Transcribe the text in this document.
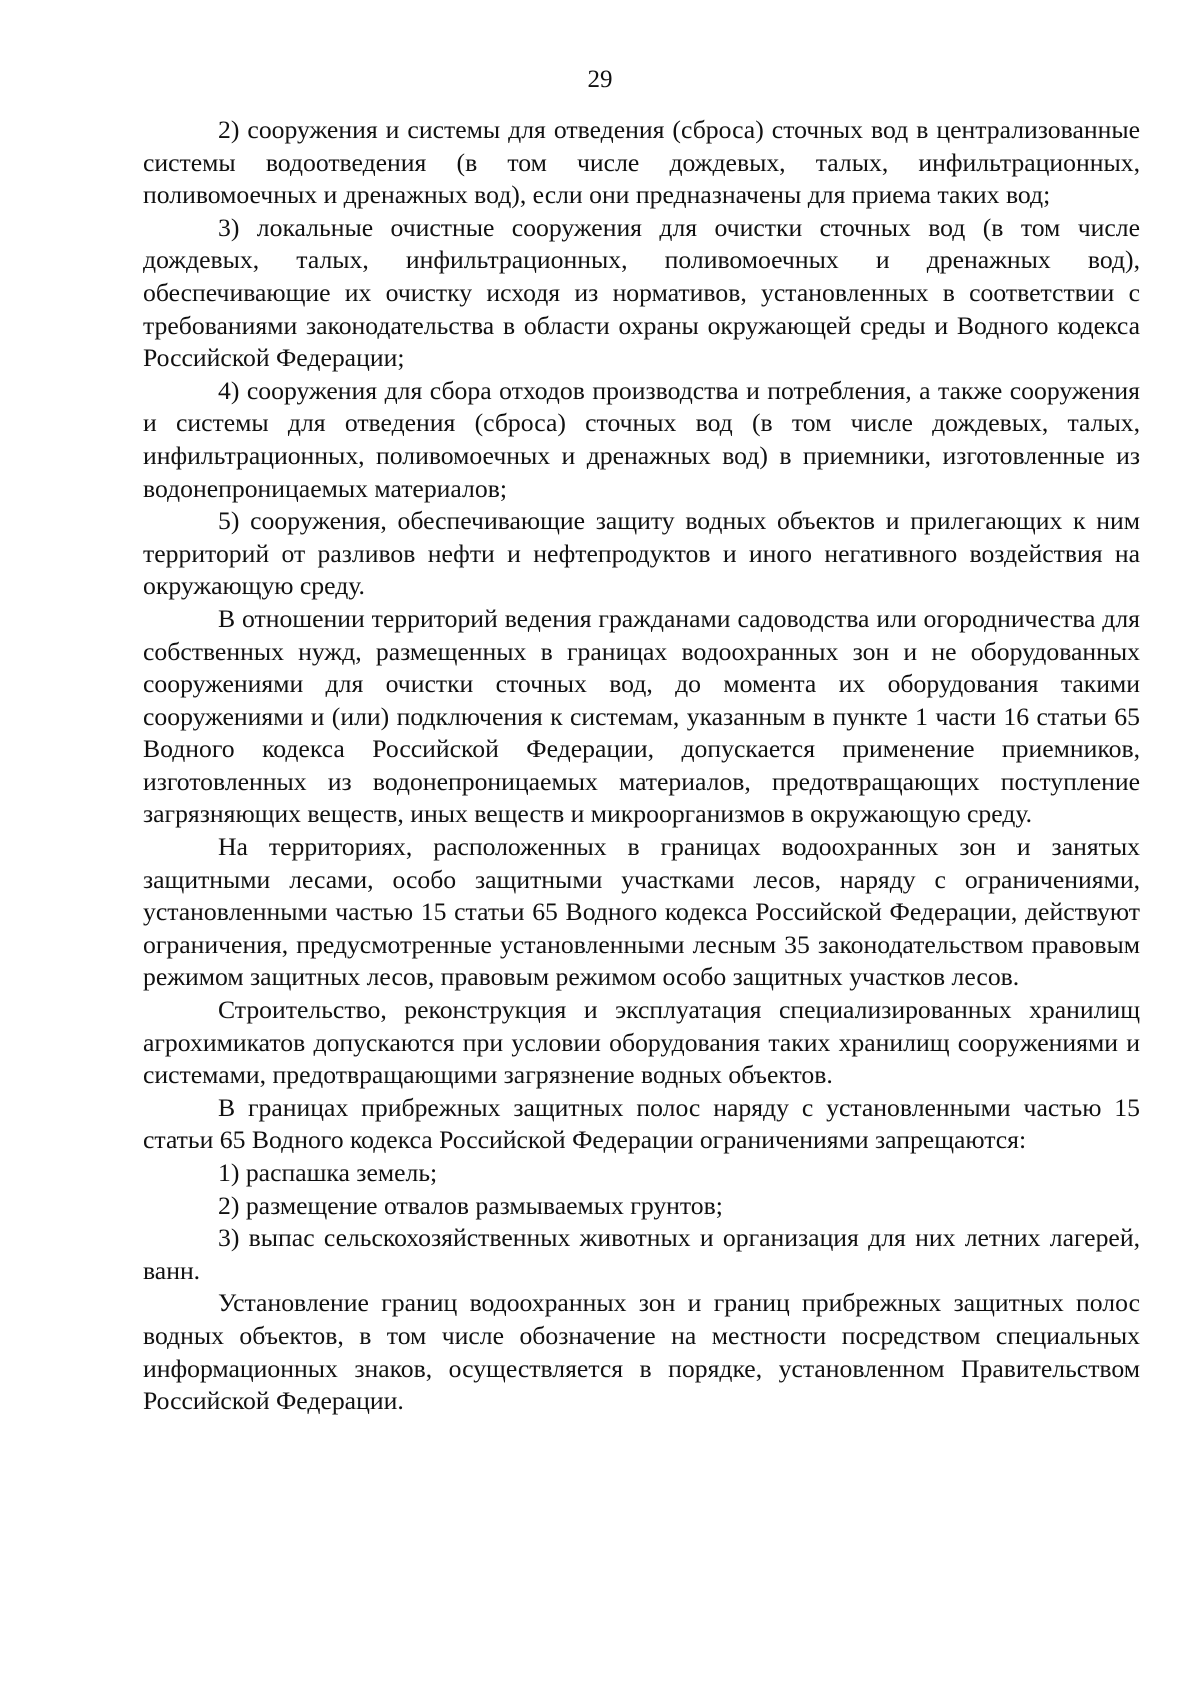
29

2) сооружения и системы для отведения (сброса) сточных вод в централизованные системы водоотведения (в том числе дождевых, талых, инфильтрационных, поливомоечных и дренажных вод), если они предназначены для приема таких вод;

3) локальные очистные сооружения для очистки сточных вод (в том числе дождевых, талых, инфильтрационных, поливомоечных и дренажных вод), обеспечивающие их очистку исходя из нормативов, установленных в соответствии с требованиями законодательства в области охраны окружающей среды и Водного кодекса Российской Федерации;

4) сооружения для сбора отходов производства и потребления, а также сооружения и системы для отведения (сброса) сточных вод (в том числе дождевых, талых, инфильтрационных, поливомоечных и дренажных вод) в приемники, изготовленные из водонепроницаемых материалов;

5) сооружения, обеспечивающие защиту водных объектов и прилегающих к ним территорий от разливов нефти и нефтепродуктов и иного негативного воздействия на окружающую среду.

В отношении территорий ведения гражданами садоводства или огородничества для собственных нужд, размещенных в границах водоохранных зон и не оборудованных сооружениями для очистки сточных вод, до момента их оборудования такими сооружениями и (или) подключения к системам, указанным в пункте 1 части 16 статьи 65 Водного кодекса Российской Федерации, допускается применение приемников, изготовленных из водонепроницаемых материалов, предотвращающих поступление загрязняющих веществ, иных веществ и микроорганизмов в окружающую среду.

На территориях, расположенных в границах водоохранных зон и занятых защитными лесами, особо защитными участками лесов, наряду с ограничениями, установленными частью 15 статьи 65 Водного кодекса Российской Федерации, действуют ограничения, предусмотренные установленными лесным 35 законодательством правовым режимом защитных лесов, правовым режимом особо защитных участков лесов.

Строительство, реконструкция и эксплуатация специализированных хранилищ агрохимикатов допускаются при условии оборудования таких хранилищ сооружениями и системами, предотвращающими загрязнение водных объектов.

В границах прибрежных защитных полос наряду с установленными частью 15 статьи 65 Водного кодекса Российской Федерации ограничениями запрещаются:

1) распашка земель;

2) размещение отвалов размываемых грунтов;

3) выпас сельскохозяйственных животных и организация для них летних лагерей, ванн.

Установление границ водоохранных зон и границ прибрежных защитных полос водных объектов, в том числе обозначение на местности посредством специальных информационных знаков, осуществляется в порядке, установленном Правительством Российской Федерации.
